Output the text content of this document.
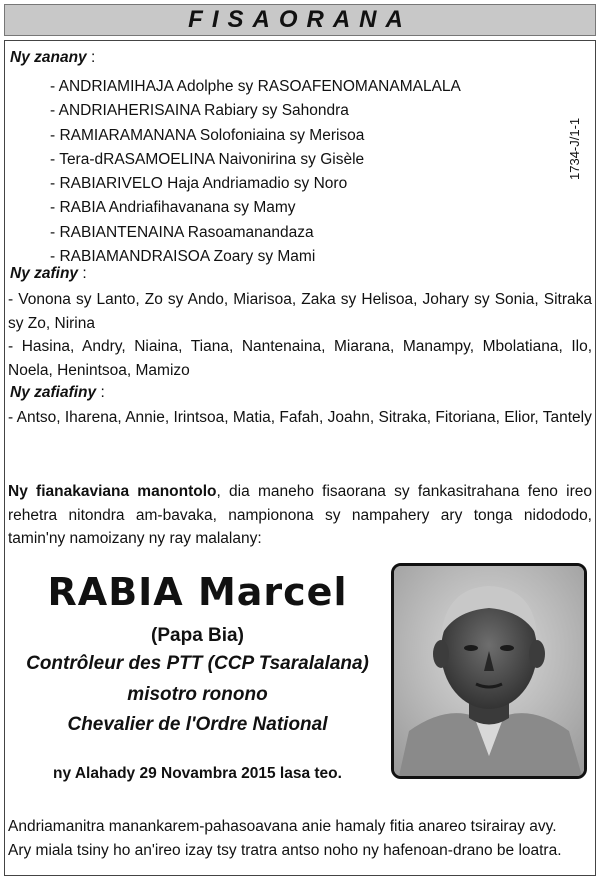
FISAORANA
Ny zanany :
- ANDRIAMIHAJA Adolphe sy RASOAFENOMANAMALALA
- ANDRIAHERISAINA Rabiary sy Sahondra
- RAMIARAMANANA Solofoniaina sy Merisoa
- Tera-dRASAMOELINA Naivonirina sy Gisèle
- RABIARIVELO Haja Andriamadio sy Noro
- RABIA Andriafihavanana sy Mamy
- RABIANTENAINA Rasoamanandaza
- RABIAMANDRAISOA Zoary sy Mami
1734-J/1-1
Ny zafiny :
- Vonona sy Lanto, Zo sy Ando, Miarisoa, Zaka sy Helisoa, Johary sy Sonia, Sitraka sy Zo, Nirina
- Hasina, Andry, Niaina, Tiana, Nantenaina, Miarana, Manampy, Mbolatiana, Ilo, Noela, Henintsoa, Mamizo
Ny zafiafiny :
- Antso, Iharena, Annie, Irintsoa, Matia, Fafah, Joahn, Sitraka, Fitoriana, Elior, Tantely
Ny fianakaviana manontolo, dia maneho fisaorana sy fankasitrahana feno ireo rehetra nitondra am-bavaka, nampionona sy nampahery ary tonga nidododo, tamin'ny namoizany ny ray malalany:
RABIA Marcel
(Papa Bia)
Contrôleur des PTT (CCP Tsaralalana)
misotro ronono
Chevalier de l'Ordre National
ny Alahady 29 Novambra 2015 lasa teo.
Andriamanitra manankarem-pahasoavana anie hamaly fitia anareo tsirairay avy.
Ary miala tsiny ho an'ireo izay tsy tratra antso noho ny hafenoan-drano be loatra.
